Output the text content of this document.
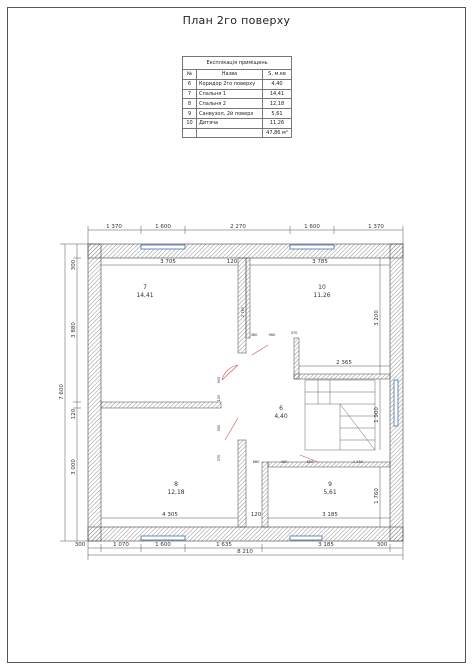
План 2го поверху
Експлікація приміщень		
№	Назва	S, м.кв
6	Коридор 2го поверху	4,40
7	Спальня 1	14,41
8	Спальня 2	12,18
9	Санвузол, 2й поверх	5,61
10	Дитяча	11,26
		47,86 м²
1 370	1 600	2 270	1 600	1 370
300	1 070	1 600	1 635	3 185	300
8 210
300
3 880
120
3 000
7 600
3 705	120	3 785
3 200
2 365
1 900
4 305	120	3 185
1 760
2 780
380	960	370
900
100
950
370
680	400	600	1 150
7
14,41
10
11,26
6
4,40
8
12,18
9
5,61
